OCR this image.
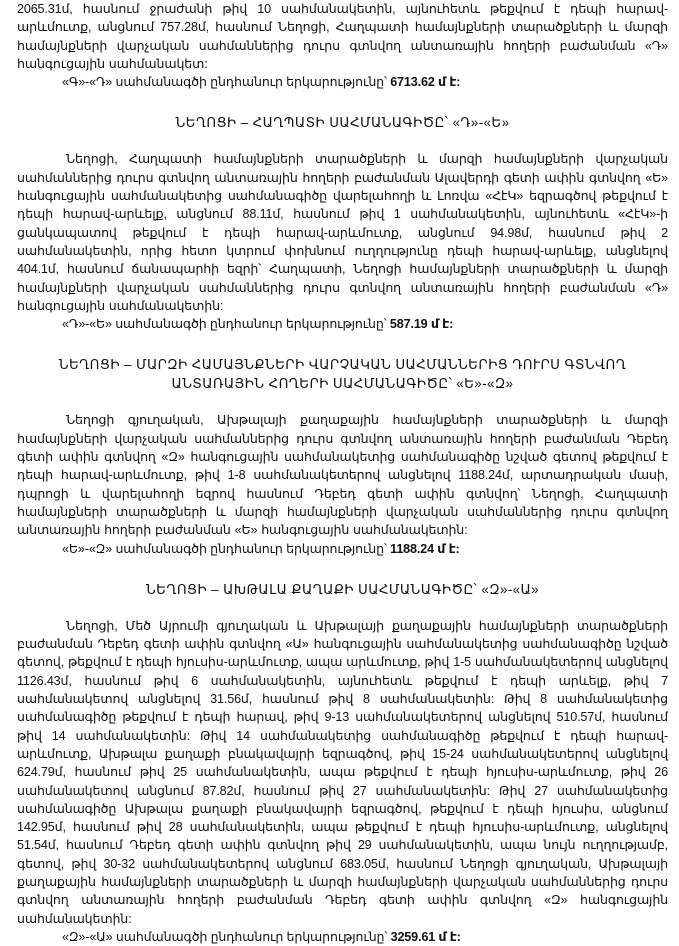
2065.31մ, հասնում ջրաժանի թիվ 10 սահմանակետին, այնուհետև թեքվում է դեպի հարավ-արևմուտք, անցնում 757.28մ, հասնում Նեղոցի, Հաղպատի համայնքների տարածքների և մարզի համայնքների վարչական սահմաններից դուրս գտնվող անտառային հողերի բաժանման «Դ» հանգուցային սահմանակետ:

«Գ»-«Դ» սահմանագծի ընդհանուր երկարությունը՝ 6713.62 մ է:

ՆԵՂՈՑԻ – ՀԱՂՊԱՏԻ ՍԱՀՄԱՆԱԳԻԾԸ՝ «Դ»-«Ե»

Նեղոցի, Հաղպատի համայնքների տարածքների և մարզի համայնքների վարչական սահմաններից դուրս գտնվող անտառային հողերի բաժանման Ալավերդի գետի ափին գտնվող «Ե» հանգուցային սահմանակետից սահմանագիծը վարելահողի և Լոռվա «ՀէԿ» եզրագծով թեքվում է դեպի հարավ-արևելք, անցնում 88.11մ, հասնում թիվ 1 սահմանակետին, այնուհետև «ՀէԿ»-ի ցանկապատով թեքվում է դեպի հարավ-արևմուտք, անցնում 94.98մ, հասնում թիվ 2 սահմանակետին, որից հետո կտրում փոխնում ուղղությունը դեպի հարավ-արևելք, անցնելով 404.1մ, հասնում ճանապարհի եզրի՝ Հաղպատի, Նեղոցի համայնքների տարածքների և մարզի համայնքների վարչական սահմաններից դուրս գտնվող անտառային հողերի բաժանման «Դ» հանգուցային սահմանակետին:

«Դ»-«Ե» սահմանագծի ընդհանուր երկարությունը՝ 587.19 մ է:

ՆԵՂՈՑԻ – ՄԱՐԶԻ ՀԱՄԱՅՆՔՆԵՐԻ ՎԱՐՉԱԿԱՆ ՍԱՀՄԱՆՆԵՐԻՑ ԴՈՒՐՍ ԳՏՆՎՈՂ ԱՆՏԱՌԱՅԻՆ ՀՈՂԵՐԻ ՍԱՀՄԱՆԱԳԻԾԸ՝ «Ե»-«Զ»

Նեղոցի գյուղական, Ախթալայի քաղաքային համայնքների տարածքների և մարզի համայնքների վարչական սահմաններից դուրս գտնվող անտառային հողերի բաժանման Դեբեդ գետի ափին գտնվող «Զ» հանգուցային սահմանակետից սահմանագիծը նշված գետով թեքվում է դեպի հարավ-արևմուտք, թիվ 1-8 սահմանակետերով անցնելով 1188.24մ, արտադրական մասի, դպրոցի և վարելահողի եզրով հասնում Դեբեդ գետի ափին գտնվող՝ Նեղոցի, Հաղպատի համայնքների տարածքների և մարզի համայնքների վարչական սահմաններից դուրս գտնվող անտառային հողերի բաժանման «Ե» հանգուցային սահմանակետին:

«Ե»-«Զ» սահմանագծի ընդհանուր երկարությունը՝ 1188.24 մ է:

ՆԵՂՈՑԻ – ԱԽԹԱԼԱ ՔԱՂԱՔԻ ՍԱՀՄԱՆԱԳԻԾԸ՝ «Զ»-«Ա»

Նեղոցի, Մեծ Այրումի գյուղական և Ախթալայի քաղաքային համայնքների տարածքների բաժանման Դեբեդ գետի ափին գտնվող «Ա» հանգուցային սահմանակետից սահմանագիծը նշված գետով, թեքվում է դեպի հյուսիս-արևմուտք, ապա արևմուտք, թիվ 1-5 սահմանակետերով անցնելով 1126.43մ, հասնում թիվ 6 սահմանակետին, այնուհետև թեքվում է դեպի արևելք, թիվ 7 սահմանակետով անցնելով 31.56մ, հասնում թիվ 8 սահմանակետին: Թիվ 8 սահմանակետից սահմանագիծը թեքվում է դեպի հարավ, թիվ 9-13 սահմանակետերով անցնելով 510.57մ, հասնում թիվ 14 սահմանակետին: Թիվ 14 սահմանակետից սահմանագիծը թեքվում է դեպի հարավ-արևմուտք, Ախթալա քաղաքի բնակավայրի եզրագծով, թիվ 15-24 սահմանակետերով անցնելով 624.79մ, հասնում թիվ 25 սահմանակետին, ապա թեքվում է դեպի հյուսիս-արևմուտք, թիվ 26 սահմանակետով անցնում 87.82մ, հասնում թիվ 27 սահմանակետին: Թիվ 27 սահմանակետից սահմանագիծը Ախթալա քաղաքի բնակավայրի եզրագծով, թեքվում է դեպի հյուսիս, անցնում 142.95մ, հասնում թիվ 28 սահմանակետին, ապա թեքվում է դեպի հյուսիս-արևմուտք, անցնելով 51.54մ, հասնում Դեբեդ գետի ափին գտնվող թիվ 29 սահմանակետին, ապա նույն ուղղությամբ, գետով, թիվ 30-32 սահմանակետերով անցնում 683.05մ, հասնում Նեղոցի գյուղական, Ախթալայի քաղաքային համայնքների տարածքների և մարզի համայնքների վարչական սահմաններից դուրս գտնվող անտառային հողերի բաժանման Դեբեդ գետի ափին գտնվող «Զ» հանգուցային սահմանակետին:

«Զ»-«Ա» սահմանագծի ընդհանուր երկարությունը՝ 3259.61 մ է:
